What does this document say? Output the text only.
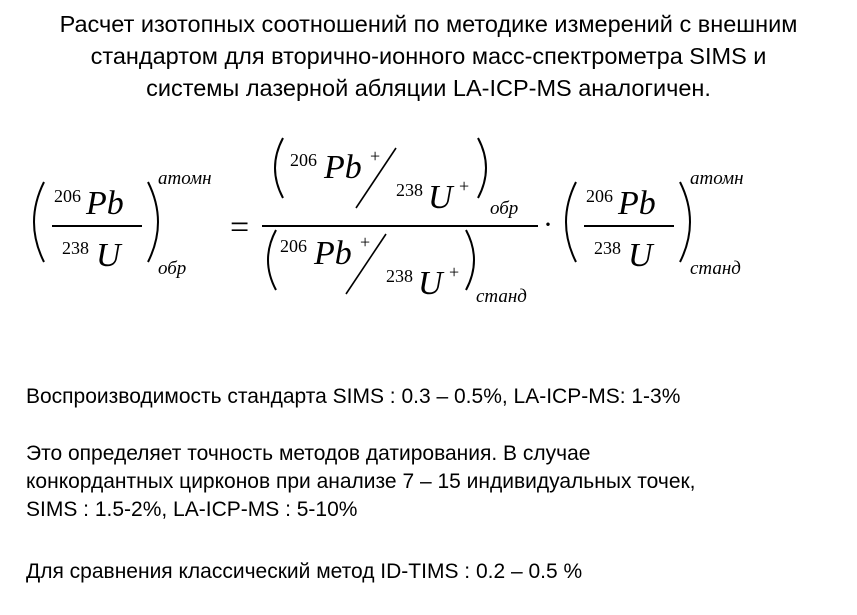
Расчет изотопных соотношений по методике измерений с внешним
стандартом для вторично-ионного масс-спектрометра SIMS и
системы лазерной абляции LA-ICP-MS аналогичен.
206 Pb
238 U
атомн
обр
=
206 Pb +
238 U +
обр
206 Pb +
238 U +
станд
·
206 Pb
238 U
атомн
станд
Воспроизводимость стандарта SIMS : 0.3 – 0.5%, LA-ICP-MS: 1-3%
Это определяет точность методов датирования. В случае
конкордантных цирконов при анализе 7 – 15 индивидуальных точек,
SIMS : 1.5-2%, LA-ICP-MS : 5-10%
Для сравнения классический метод ID-TIMS : 0.2 – 0.5 %
